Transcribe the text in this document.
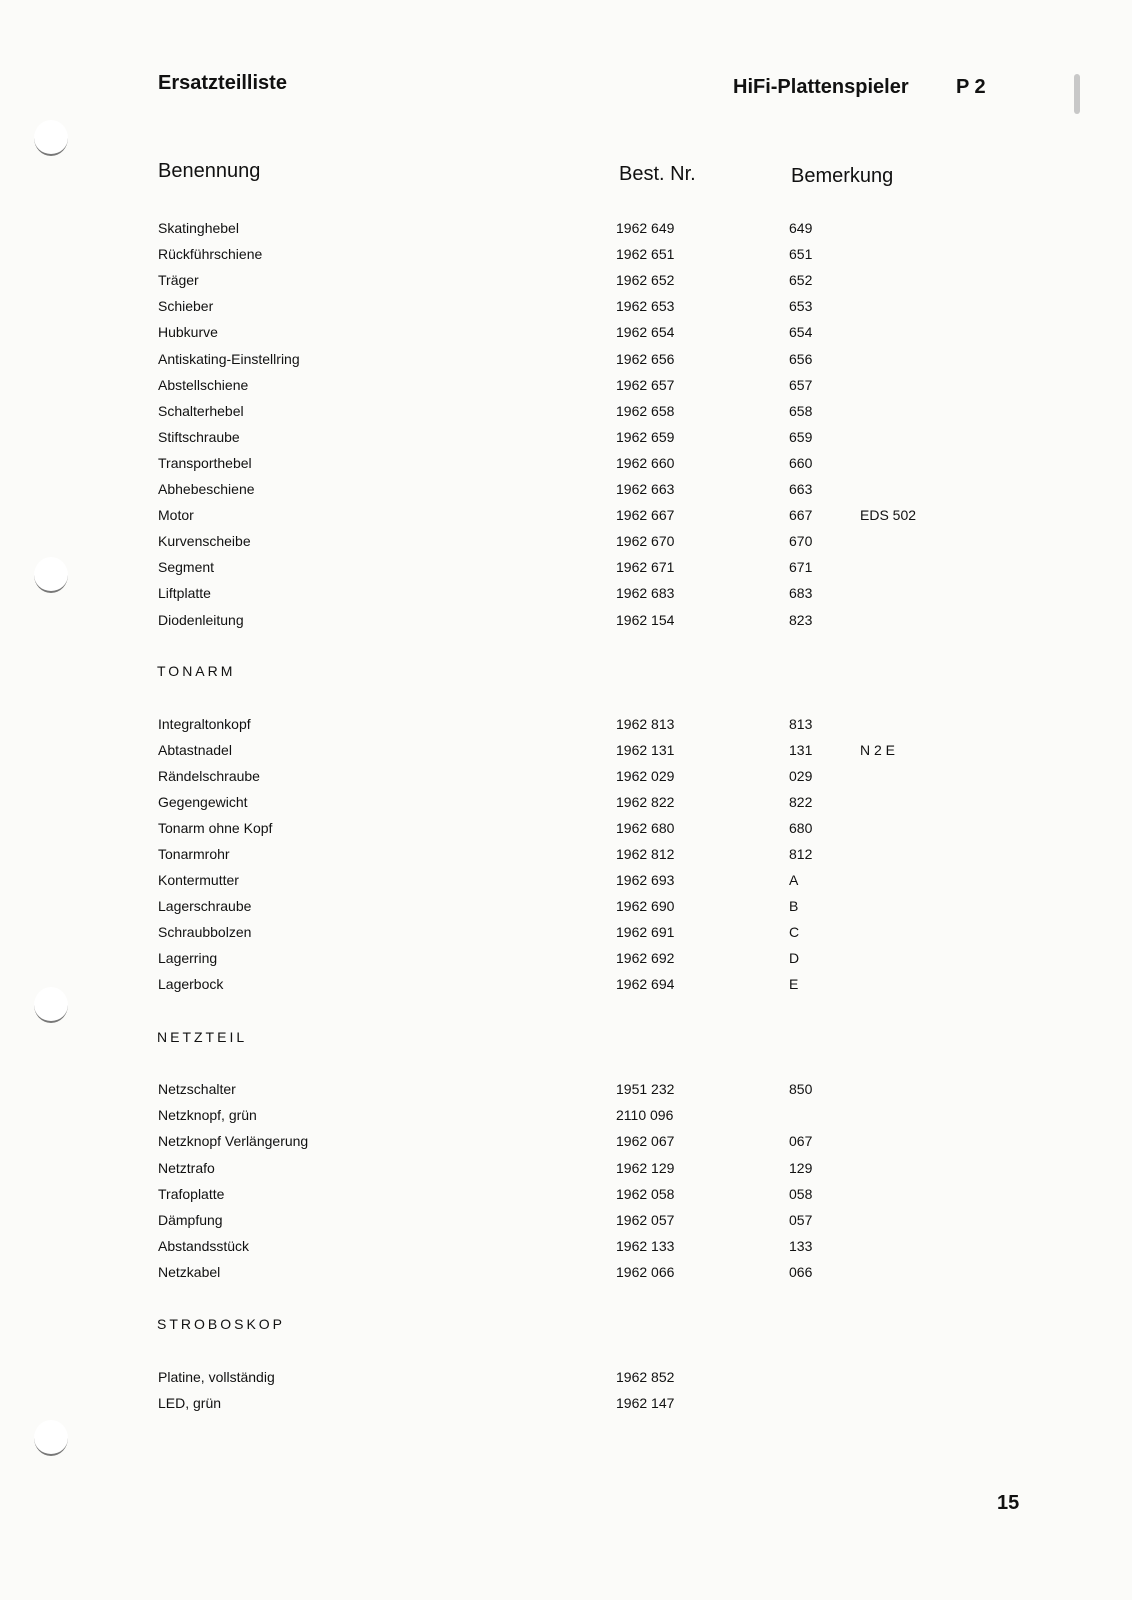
Ersatzteilliste	HiFi-Plattenspieler P 2
Benennung	Best. Nr.	Bemerkung
Skatinghebel	1962 649	649
Rückführschiene	1962 651	651
Träger	1962 652	652
Schieber	1962 653	653
Hubkurve	1962 654	654
Antiskating-Einstellring	1962 656	656
Abstellschiene	1962 657	657
Schalterhebel	1962 658	658
Stiftschraube	1962 659	659
Transporthebel	1962 660	660
Abhebeschiene	1962 663	663
Motor	1962 667	667	EDS 502
Kurvenscheibe	1962 670	670
Segment	1962 671	671
Liftplatte	1962 683	683
Diodenleitung	1962 154	823
TONARM
Integraltonkopf	1962 813	813
Abtastnadel	1962 131	131	N 2 E
Rändelschraube	1962 029	029
Gegengewicht	1962 822	822
Tonarm ohne Kopf	1962 680	680
Tonarmrohr	1962 812	812
Kontermutter	1962 693	A
Lagerschraube	1962 690	B
Schraubbolzen	1962 691	C
Lagerring	1962 692	D
Lagerbock	1962 694	E
NETZTEIL
Netzschalter	1951 232	850
Netzknopf, grün	2110 096
Netzknopf Verlängerung	1962 067	067
Netztrafo	1962 129	129
Trafoplatte	1962 058	058
Dämpfung	1962 057	057
Abstandsstück	1962 133	133
Netzkabel	1962 066	066
STROBOSKOP
Platine, vollständig	1962 852
LED, grün	1962 147
15
